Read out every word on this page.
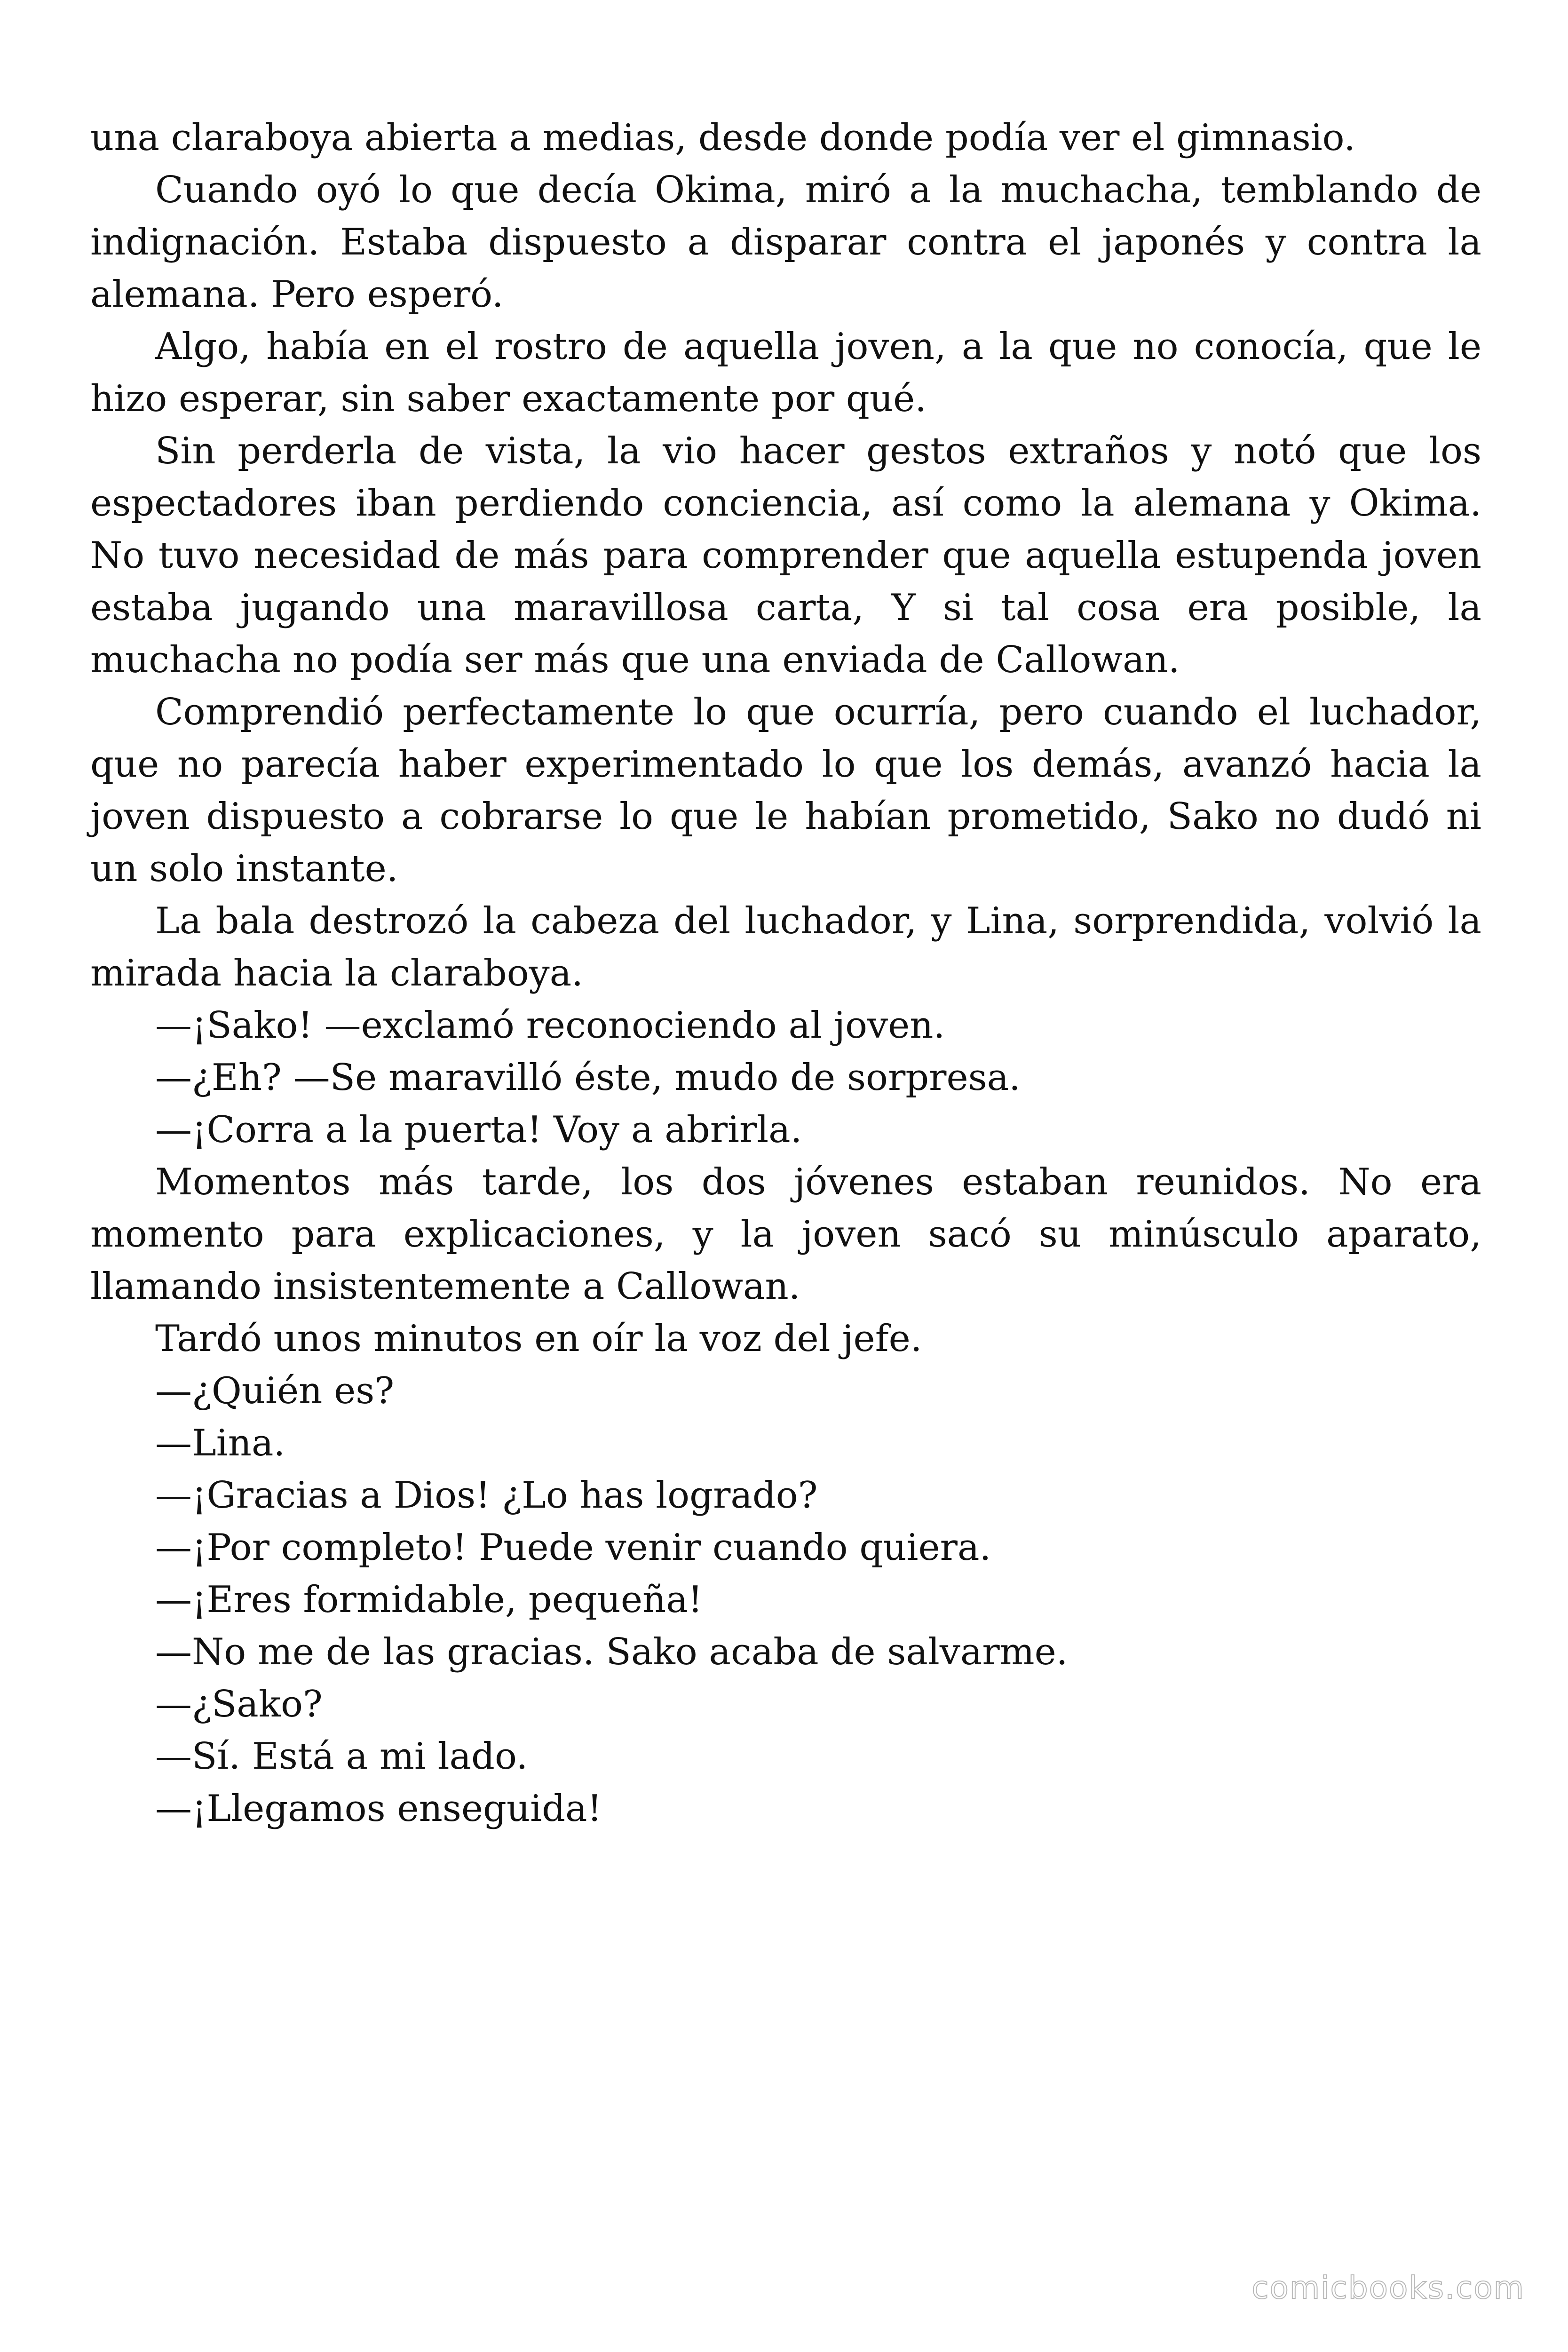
una claraboya abierta a medias, desde donde podía ver el gimnasio.

Cuando oyó lo que decía Okima, miró a la muchacha, temblando de indignación. Estaba dispuesto a disparar contra el japonés y contra la alemana. Pero esperó.

Algo, había en el rostro de aquella joven, a la que no conocía, que le hizo esperar, sin saber exactamente por qué.

Sin perderla de vista, la vio hacer gestos extraños y notó que los espectadores iban perdiendo conciencia, así como la alemana y Okima. No tuvo necesidad de más para comprender que aquella estupenda joven estaba jugando una maravillosa carta, Y si tal cosa era posible, la muchacha no podía ser más que una enviada de Callowan.

Comprendió perfectamente lo que ocurría, pero cuando el luchador, que no parecía haber experimentado lo que los demás, avanzó hacia la joven dispuesto a cobrarse lo que le habían prometido, Sako no dudó ni un solo instante.

La bala destrozó la cabeza del luchador, y Lina, sorprendida, volvió la mirada hacia la claraboya.

—¡Sako! —exclamó reconociendo al joven.

—¿Eh? —Se maravilló éste, mudo de sorpresa.

—¡Corra a la puerta! Voy a abrirla.

Momentos más tarde, los dos jóvenes estaban reunidos. No era momento para explicaciones, y la joven sacó su minúsculo aparato, llamando insistentemente a Callowan.

Tardó unos minutos en oír la voz del jefe.

—¿Quién es?

—Lina.

—¡Gracias a Dios! ¿Lo has logrado?

—¡Por completo! Puede venir cuando quiera.

—¡Eres formidable, pequeña!

—No me de las gracias. Sako acaba de salvarme.

—¿Sako?

—Sí. Está a mi lado.

—¡Llegamos enseguida!

comicbooks.com
